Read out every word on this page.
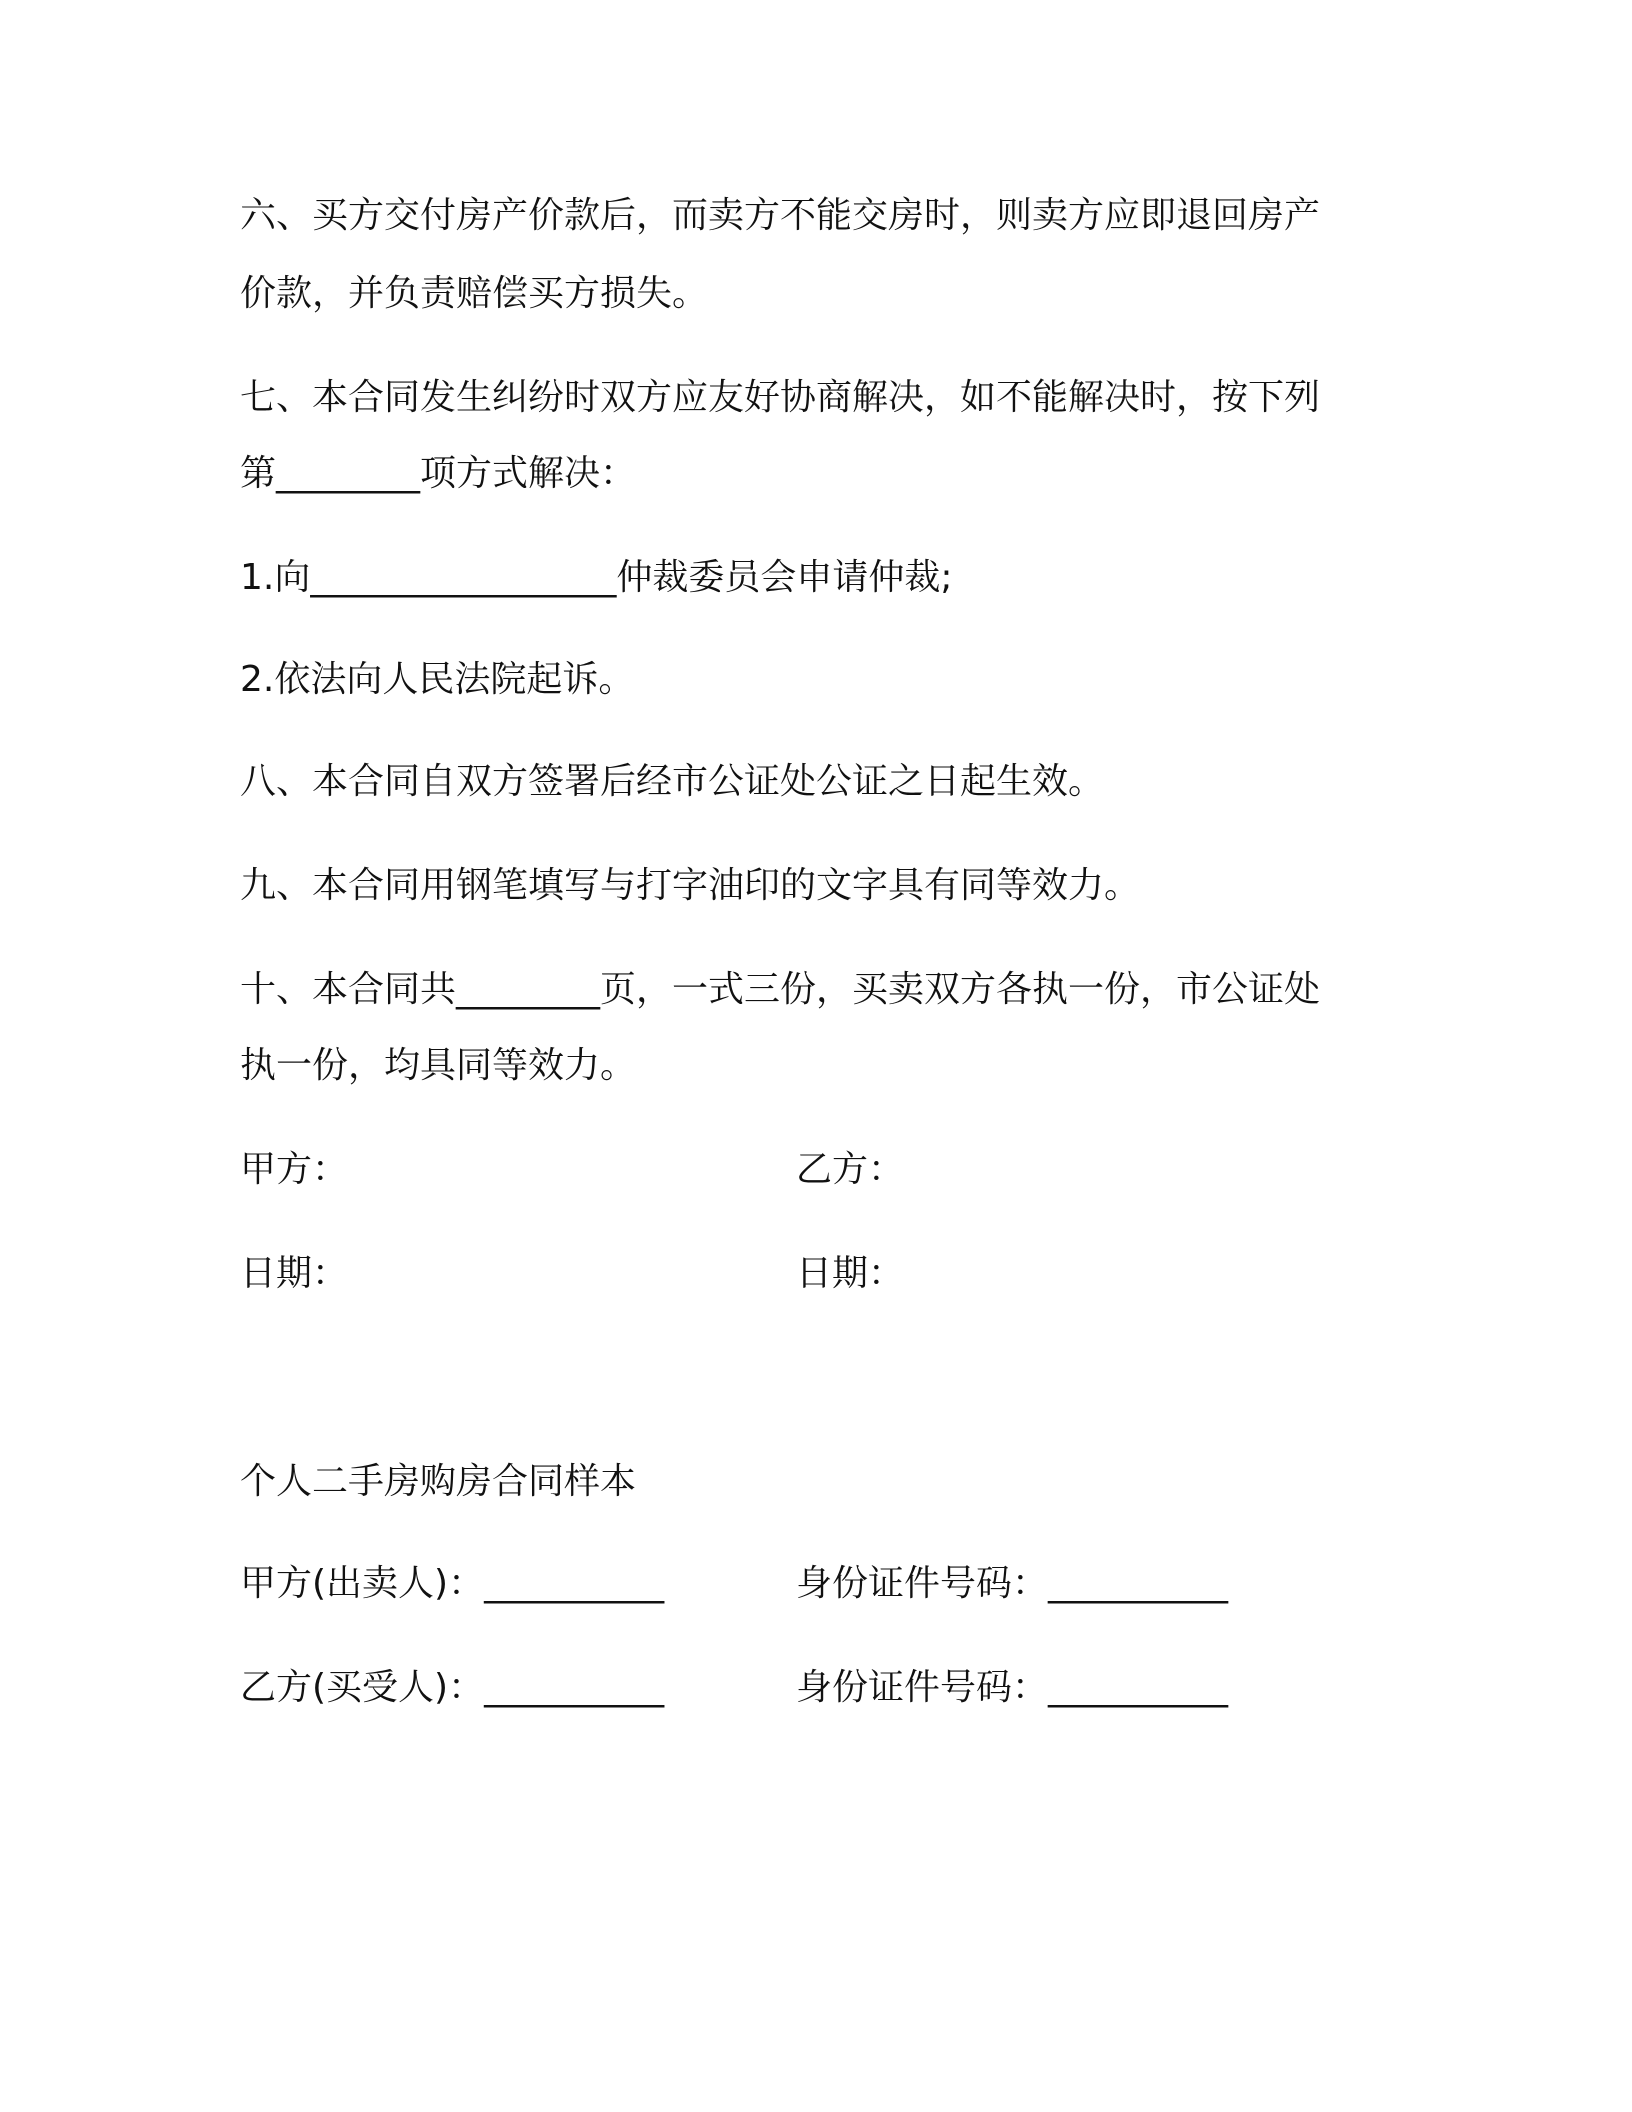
六、买方交付房产价款后，而卖方不能交房时，则卖方应即退回房产
价款，并负责赔偿买方损失。
七、本合同发生纠纷时双方应友好协商解决，如不能解决时，按下列
第________项方式解决：
1.向_________________仲裁委员会申请仲裁;
2.依法向人民法院起诉。
八、本合同自双方签署后经市公证处公证之日起生效。
九、本合同用钢笔填写与打字油印的文字具有同等效力。
十、本合同共________页，一式三份，买卖双方各执一份，市公证处
执一份，均具同等效力。
甲方：	乙方：
日期：	日期：
个人二手房购房合同样本
甲方(出卖人)：__________	身份证件号码：__________
乙方(买受人)：__________	身份证件号码：__________
